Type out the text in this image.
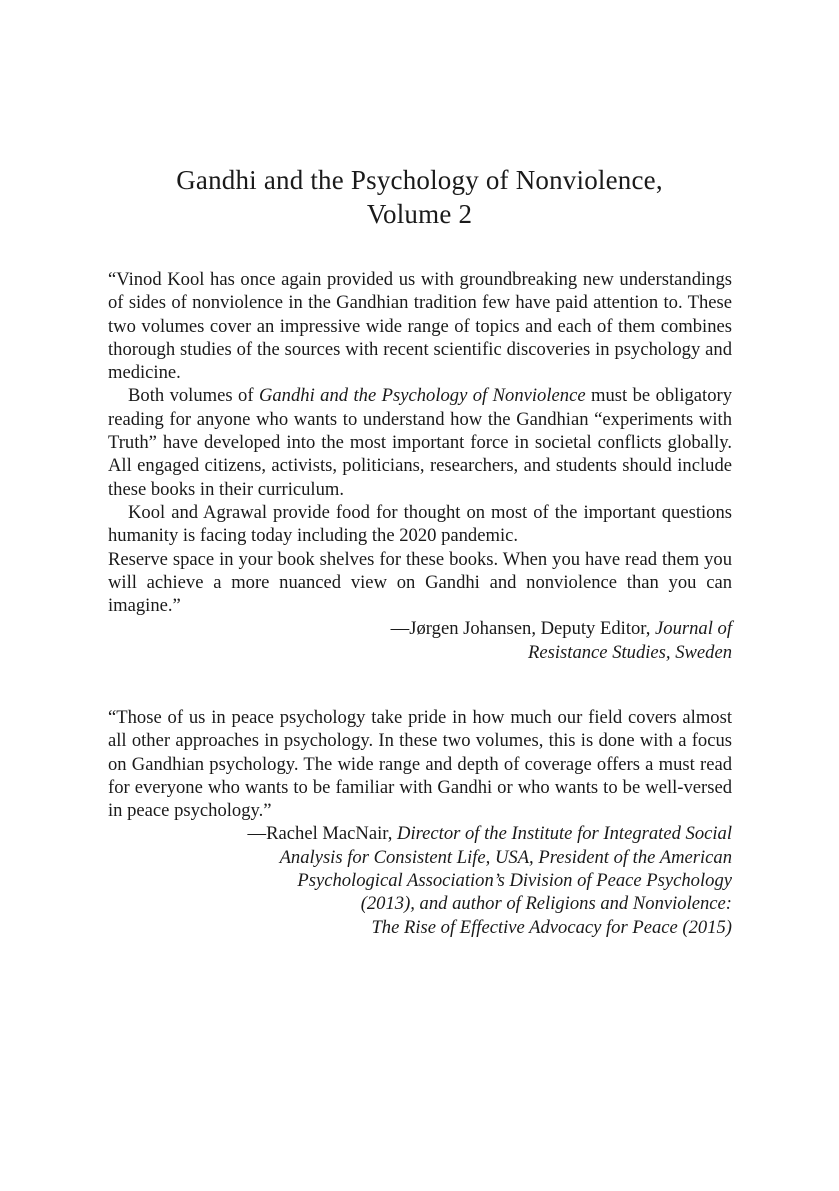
Gandhi and the Psychology of Nonviolence,
Volume 2

“Vinod Kool has once again provided us with groundbreaking new understandings of sides of nonviolence in the Gandhian tradition few have paid attention to. These two volumes cover an impressive wide range of topics and each of them combines thorough studies of the sources with recent scientific discoveries in psychology and medicine.

Both volumes of Gandhi and the Psychology of Nonviolence must be obligatory reading for anyone who wants to understand how the Gandhian “experiments with Truth” have developed into the most important force in societal conflicts globally. All engaged citizens, activists, politicians, researchers, and students should include these books in their curriculum.

Kool and Agrawal provide food for thought on most of the important questions humanity is facing today including the 2020 pandemic.

Reserve space in your book shelves for these books. When you have read them you will achieve a more nuanced view on Gandhi and nonviolence than you can imagine.”

—Jørgen Johansen, Deputy Editor, Journal of
Resistance Studies, Sweden

“Those of us in peace psychology take pride in how much our field covers almost all other approaches in psychology. In these two volumes, this is done with a focus on Gandhian psychology. The wide range and depth of coverage offers a must read for everyone who wants to be familiar with Gandhi or who wants to be well-versed in peace psychology.”

—Rachel MacNair, Director of the Institute for Integrated Social
Analysis for Consistent Life, USA, President of the American
Psychological Association’s Division of Peace Psychology
(2013), and author of Religions and Nonviolence:
The Rise of Effective Advocacy for Peace (2015)
